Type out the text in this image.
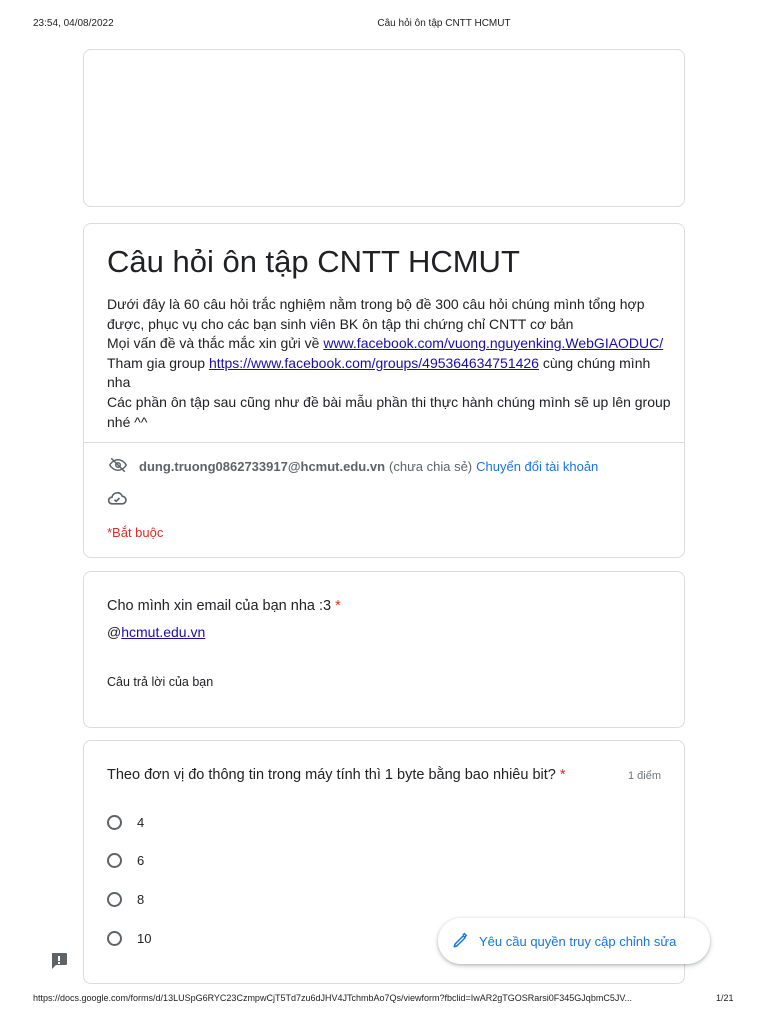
23:54, 04/08/2022	Câu hỏi ôn tập CNTT HCMUT
Câu hỏi ôn tập CNTT HCMUT
Dưới đây là 60 câu hỏi trắc nghiệm nằm trong bộ đề 300 câu hỏi chúng mình tổng hợp được, phục vụ cho các bạn sinh viên BK ôn tập thi chứng chỉ CNTT cơ bản
Mọi vấn đề và thắc mắc xin gửi về www.facebook.com/vuong.nguyenking.WebGIAODUC/
Tham gia group https://www.facebook.com/groups/495364634751426 cùng chúng mình nha
Các phần ôn tập sau cũng như đề bài mẫu phần thi thực hành chúng mình sẽ up lên group nhé ^^
dung.truong0862733917@hcmut.edu.vn (chưa chia sẻ) Chuyển đổi tài khoản
*Bắt buộc
Cho mình xin email của bạn nha :3 *
@hcmut.edu.vn
Câu trả lời của bạn
Theo đơn vị đo thông tin trong máy tính thì 1 byte bằng bao nhiêu bit? *	1 điểm
4
6
8
10	Yêu cầu quyền truy cập chỉnh sửa
https://docs.google.com/forms/d/13LUSpG6RYC23CzmpwCjT5Td7zu6dJHV4JTchmbAo7Qs/viewform?fbclid=IwAR2gTGOSRarsi0F345GJqbmC5JV...	1/21
